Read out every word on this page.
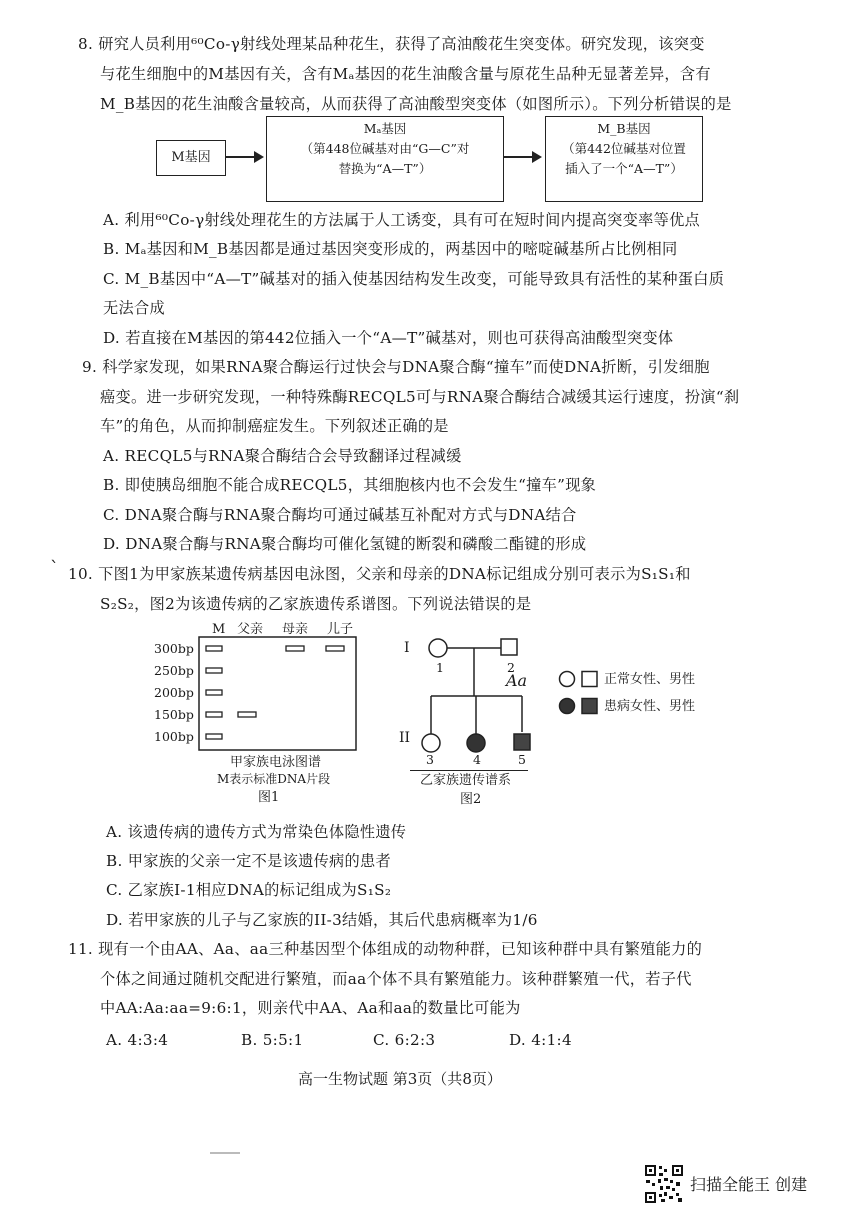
8. 研究人员利用⁶⁰Co-γ射线处理某品种花生，获得了高油酸花生突变体。研究发现，该突变
与花生细胞中的M基因有关，含有Mₐ基因的花生油酸含量与原花生品种无显著差异，含有
M_B基因的花生油酸含量较高，从而获得了高油酸型突变体（如图所示）。下列分析错误的是
M基因
Mₐ基因
（第448位碱基对由“G—C”对
替换为“A—T”）
M_B基因
（第442位碱基对位置
插入了一个“A—T”）
A. 利用⁶⁰Co-γ射线处理花生的方法属于人工诱变，具有可在短时间内提高突变率等优点
B. Mₐ基因和M_B基因都是通过基因突变形成的，两基因中的嘧啶碱基所占比例相同
C. M_B基因中“A—T”碱基对的插入使基因结构发生改变，可能导致具有活性的某种蛋白质
无法合成
D. 若直接在M基因的第442位插入一个“A—T”碱基对，则也可获得高油酸型突变体
9. 科学家发现，如果RNA聚合酶运行过快会与DNA聚合酶“撞车”而使DNA折断，引发细胞
癌变。进一步研究发现，一种特殊酶RECQL5可与RNA聚合酶结合减缓其运行速度，扮演“刹
车”的角色，从而抑制癌症发生。下列叙述正确的是
A. RECQL5与RNA聚合酶结合会导致翻译过程减缓
B. 即使胰岛细胞不能合成RECQL5，其细胞核内也不会发生“撞车”现象
C. DNA聚合酶与RNA聚合酶均可通过碱基互补配对方式与DNA结合
D. DNA聚合酶与RNA聚合酶均可催化氢键的断裂和磷酸二酯键的形成
ˋ 10. 下图1为甲家族某遗传病基因电泳图，父亲和母亲的DNA标记组成分别可表示为S₁S₁和
S₂S₂，图2为该遗传病的乙家族遗传系谱图。下列说法错误的是
M 父亲 母亲 儿子
300bp
250bp
200bp
150bp
100bp
甲家族电泳图谱
M表示标准DNA片段
图1
I
II
1	2
Aa
3	4	5
乙家族遗传谱系
图2
正常女性、男性
患病女性、男性
A. 该遗传病的遗传方式为常染色体隐性遗传
B. 甲家族的父亲一定不是该遗传病的患者
C. 乙家族I-1相应DNA的标记组成为S₁S₂
D. 若甲家族的儿子与乙家族的II-3结婚，其后代患病概率为1/6
11. 现有一个由AA、Aa、aa三种基因型个体组成的动物种群，已知该种群中具有繁殖能力的
个体之间通过随机交配进行繁殖，而aa个体不具有繁殖能力。该种群繁殖一代，若子代
中AA:Aa:aa=9:6:1，则亲代中AA、Aa和aa的数量比可能为
A. 4:3:4	B. 5:5:1	C. 6:2:3	D. 4:1:4
高一生物试题 第3页（共8页）
扫描全能王 创建
